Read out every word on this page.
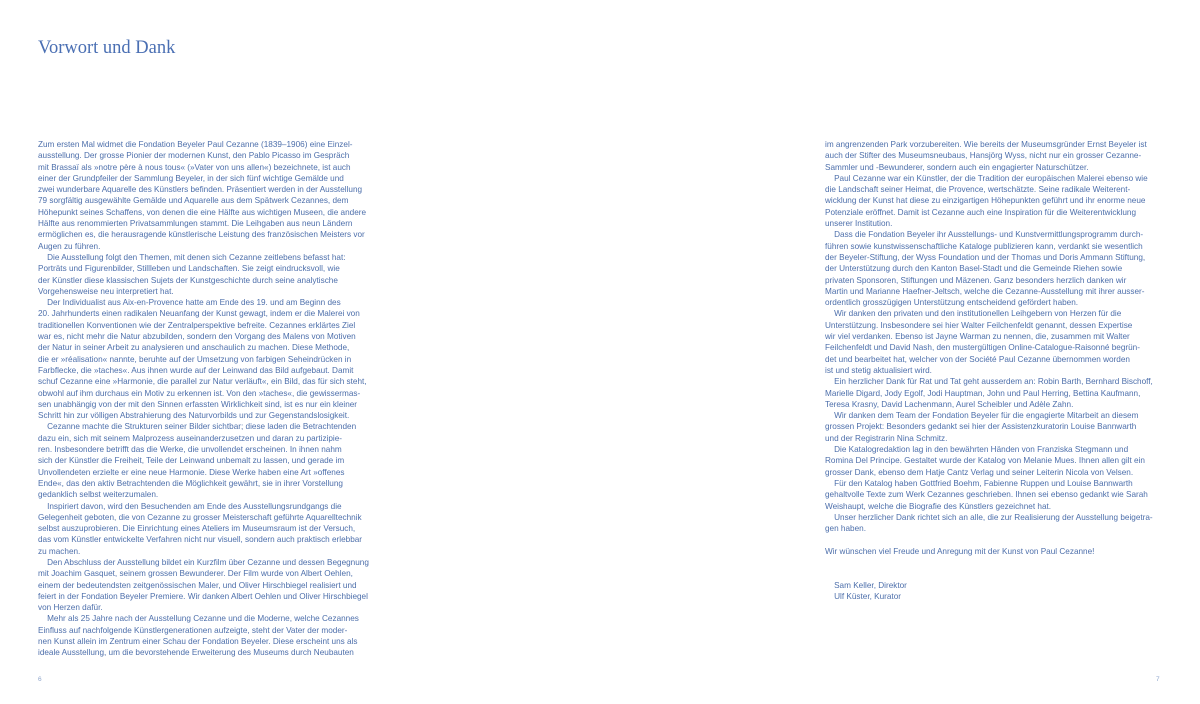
Vorwort und Dank
Zum ersten Mal widmet die Fondation Beyeler Paul Cezanne (1839–1906) eine Einzel-
ausstellung. Der grosse Pionier der modernen Kunst, den Pablo Picasso im Gespräch
mit Brassaï als »notre père à nous tous« (»Vater von uns allen«) bezeichnete, ist auch
einer der Grundpfeiler der Sammlung Beyeler, in der sich fünf wichtige Gemälde und
zwei wunderbare Aquarelle des Künstlers befinden. Präsentiert werden in der Ausstellung
79 sorgfältig ausgewählte Gemälde und Aquarelle aus dem Spätwerk Cezannes, dem
Höhepunkt seines Schaffens, von denen die eine Hälfte aus wichtigen Museen, die andere
Hälfte aus renommierten Privatsammlungen stammt. Die Leihgaben aus neun Ländern
ermöglichen es, die herausragende künstlerische Leistung des französischen Meisters vor
Augen zu führen.
Die Ausstellung folgt den Themen, mit denen sich Cezanne zeitlebens befasst hat:
Porträts und Figurenbilder, Stillleben und Landschaften. Sie zeigt eindrucksvoll, wie
der Künstler diese klassischen Sujets der Kunstgeschichte durch seine analytische
Vorgehensweise neu interpretiert hat.
Der Individualist aus Aix-en-Provence hatte am Ende des 19. und am Beginn des
20. Jahrhunderts einen radikalen Neuanfang der Kunst gewagt, indem er die Malerei von
traditionellen Konventionen wie der Zentralperspektive befreite. Cezannes erklärtes Ziel
war es, nicht mehr die Natur abzubilden, sondern den Vorgang des Malens von Motiven
der Natur in seiner Arbeit zu analysieren und anschaulich zu machen. Diese Methode,
die er »réalisation« nannte, beruhte auf der Umsetzung von farbigen Seheindrücken in
Farbflecke, die »taches«. Aus ihnen wurde auf der Leinwand das Bild aufgebaut. Damit
schuf Cezanne eine »Harmonie, die parallel zur Natur verläuft«, ein Bild, das für sich steht,
obwohl auf ihm durchaus ein Motiv zu erkennen ist. Von den »taches«, die gewissermas-
sen unabhängig von der mit den Sinnen erfassten Wirklichkeit sind, ist es nur ein kleiner
Schritt hin zur völligen Abstrahierung des Naturvorbilds und zur Gegenstandslosigkeit.
Cezanne machte die Strukturen seiner Bilder sichtbar; diese laden die Betrachtenden
dazu ein, sich mit seinem Malprozess auseinanderzusetzen und daran zu partizipie-
ren. Insbesondere betrifft das die Werke, die unvollendet erscheinen. In ihnen nahm
sich der Künstler die Freiheit, Teile der Leinwand unbemalt zu lassen, und gerade im
Unvollendeten erzielte er eine neue Harmonie. Diese Werke haben eine Art »offenes
Ende«, das den aktiv Betrachtenden die Möglichkeit gewährt, sie in ihrer Vorstellung
gedanklich selbst weiterzumalen.
Inspiriert davon, wird den Besuchenden am Ende des Ausstellungsrundgangs die
Gelegenheit geboten, die von Cezanne zu grosser Meisterschaft geführte Aquarelltechnik
selbst auszuprobieren. Die Einrichtung eines Ateliers im Museumsraum ist der Versuch,
das vom Künstler entwickelte Verfahren nicht nur visuell, sondern auch praktisch erlebbar
zu machen.
Den Abschluss der Ausstellung bildet ein Kurzfilm über Cezanne und dessen Begegnung
mit Joachim Gasquet, seinem grossen Bewunderer. Der Film wurde von Albert Oehlen,
einem der bedeutendsten zeitgenössischen Maler, und Oliver Hirschbiegel realisiert und
feiert in der Fondation Beyeler Premiere. Wir danken Albert Oehlen und Oliver Hirschbiegel
von Herzen dafür.
Mehr als 25 Jahre nach der Ausstellung Cezanne und die Moderne, welche Cezannes
Einfluss auf nachfolgende Künstlergenerationen aufzeigte, steht der Vater der moder-
nen Kunst allein im Zentrum einer Schau der Fondation Beyeler. Diese erscheint uns als
ideale Ausstellung, um die bevorstehende Erweiterung des Museums durch Neubauten
im angrenzenden Park vorzubereiten. Wie bereits der Museumsgründer Ernst Beyeler ist
auch der Stifter des Museumsneubaus, Hansjörg Wyss, nicht nur ein grosser Cezanne-
Sammler und -Bewunderer, sondern auch ein engagierter Naturschützer.
Paul Cezanne war ein Künstler, der die Tradition der europäischen Malerei ebenso wie
die Landschaft seiner Heimat, die Provence, wertschätzte. Seine radikale Weiterent-
wicklung der Kunst hat diese zu einzigartigen Höhepunkten geführt und ihr enorme neue
Potenziale eröffnet. Damit ist Cezanne auch eine Inspiration für die Weiterentwicklung
unserer Institution.
Dass die Fondation Beyeler ihr Ausstellungs- und Kunstvermittlungsprogramm durch-
führen sowie kunstwissenschaftliche Kataloge publizieren kann, verdankt sie wesentlich
der Beyeler-Stiftung, der Wyss Foundation und der Thomas und Doris Ammann Stiftung,
der Unterstützung durch den Kanton Basel-Stadt und die Gemeinde Riehen sowie
privaten Sponsoren, Stiftungen und Mäzenen. Ganz besonders herzlich danken wir
Martin und Marianne Haefner-Jeltsch, welche die Cezanne-Ausstellung mit ihrer ausser-
ordentlich grosszügigen Unterstützung entscheidend gefördert haben.
Wir danken den privaten und den institutionellen Leihgebern von Herzen für die
Unterstützung. Insbesondere sei hier Walter Feilchenfeldt genannt, dessen Expertise
wir viel verdanken. Ebenso ist Jayne Warman zu nennen, die, zusammen mit Walter
Feilchenfeldt und David Nash, den mustergültigen Online-Catalogue-Raisonné begrün-
det und bearbeitet hat, welcher von der Société Paul Cezanne übernommen worden
ist und stetig aktualisiert wird.
Ein herzlicher Dank für Rat und Tat geht ausserdem an: Robin Barth, Bernhard Bischoff,
Marielle Digard, Jody Egolf, Jodi Hauptman, John und Paul Herring, Bettina Kaufmann,
Teresa Krasny, David Lachenmann, Aurel Scheibler und Adèle Zahn.
Wir danken dem Team der Fondation Beyeler für die engagierte Mitarbeit an diesem
grossen Projekt: Besonders gedankt sei hier der Assistenzkuratorin Louise Bannwarth
und der Registrarin Nina Schmitz.
Die Katalogredaktion lag in den bewährten Händen von Franziska Stegmann und
Romina Del Principe. Gestaltet wurde der Katalog von Melanie Mues. Ihnen allen gilt ein
grosser Dank, ebenso dem Hatje Cantz Verlag und seiner Leiterin Nicola von Velsen.
Für den Katalog haben Gottfried Boehm, Fabienne Ruppen und Louise Bannwarth
gehaltvolle Texte zum Werk Cezannes geschrieben. Ihnen sei ebenso gedankt wie Sarah
Weishaupt, welche die Biografie des Künstlers gezeichnet hat.
Unser herzlicher Dank richtet sich an alle, die zur Realisierung der Ausstellung beigetra-
gen haben.
Wir wünschen viel Freude und Anregung mit der Kunst von Paul Cezanne!
Sam Keller, Direktor
Ulf Küster, Kurator
6	7
